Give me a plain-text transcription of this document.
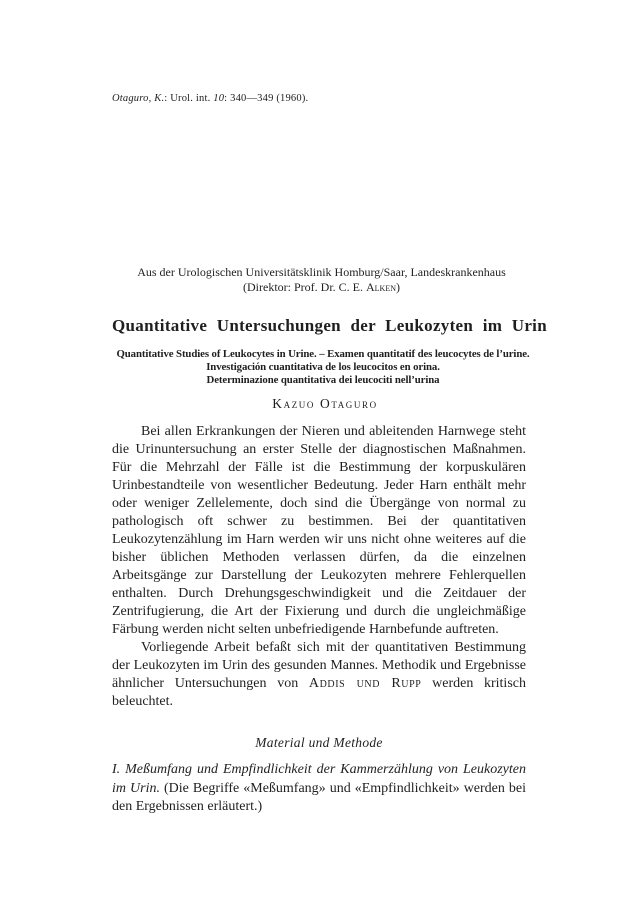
Otaguro, K.: Urol. int. 10: 340—349 (1960).
Aus der Urologischen Universitätsklinik Homburg/Saar, Landeskrankenhaus
(Direktor: Prof. Dr. C. E. Alken)
Quantitative Untersuchungen der Leukozyten im Urin
Quantitative Studies of Leukocytes in Urine. – Examen quantitatif des leucocytes de l’urine.
Investigación cuantitativa de los leucocitos en orina.
Determinazione quantitativa dei leucociti nell’urina
Kazuo Otaguro

Bei allen Erkrankungen der Nieren und ableitenden Harnwege steht die Urinuntersuchung an erster Stelle der diagnostischen Maßnahmen. Für die Mehrzahl der Fälle ist die Bestimmung der korpuskulären Urinbestandteile von wesentlicher Bedeutung. Jeder Harn enthält mehr oder weniger Zellelemente, doch sind die Übergänge von normal zu pathologisch oft schwer zu bestimmen. Bei der quantitativen Leukozytenzählung im Harn werden wir uns nicht ohne weiteres auf die bisher üblichen Methoden verlassen dürfen, da die einzelnen Arbeitsgänge zur Darstellung der Leukozyten mehrere Fehlerquellen enthalten. Durch Drehungsgeschwindigkeit und die Zeitdauer der Zentrifugierung, die Art der Fixierung und durch die ungleichmäßige Färbung werden nicht selten unbefriedigende Harnbefunde auftreten.

Vorliegende Arbeit befaßt sich mit der quantitativen Bestimmung der Leukozyten im Urin des gesunden Mannes. Methodik und Ergebnisse ähnlicher Untersuchungen von Addis und Rupp werden kritisch beleuchtet.

Material und Methode
I. Meßumfang und Empfindlichkeit der Kammerzählung von Leukozyten im Urin. (Die Begriffe «Meßumfang» und «Empfindlichkeit» werden bei den Ergebnissen erläutert.)
